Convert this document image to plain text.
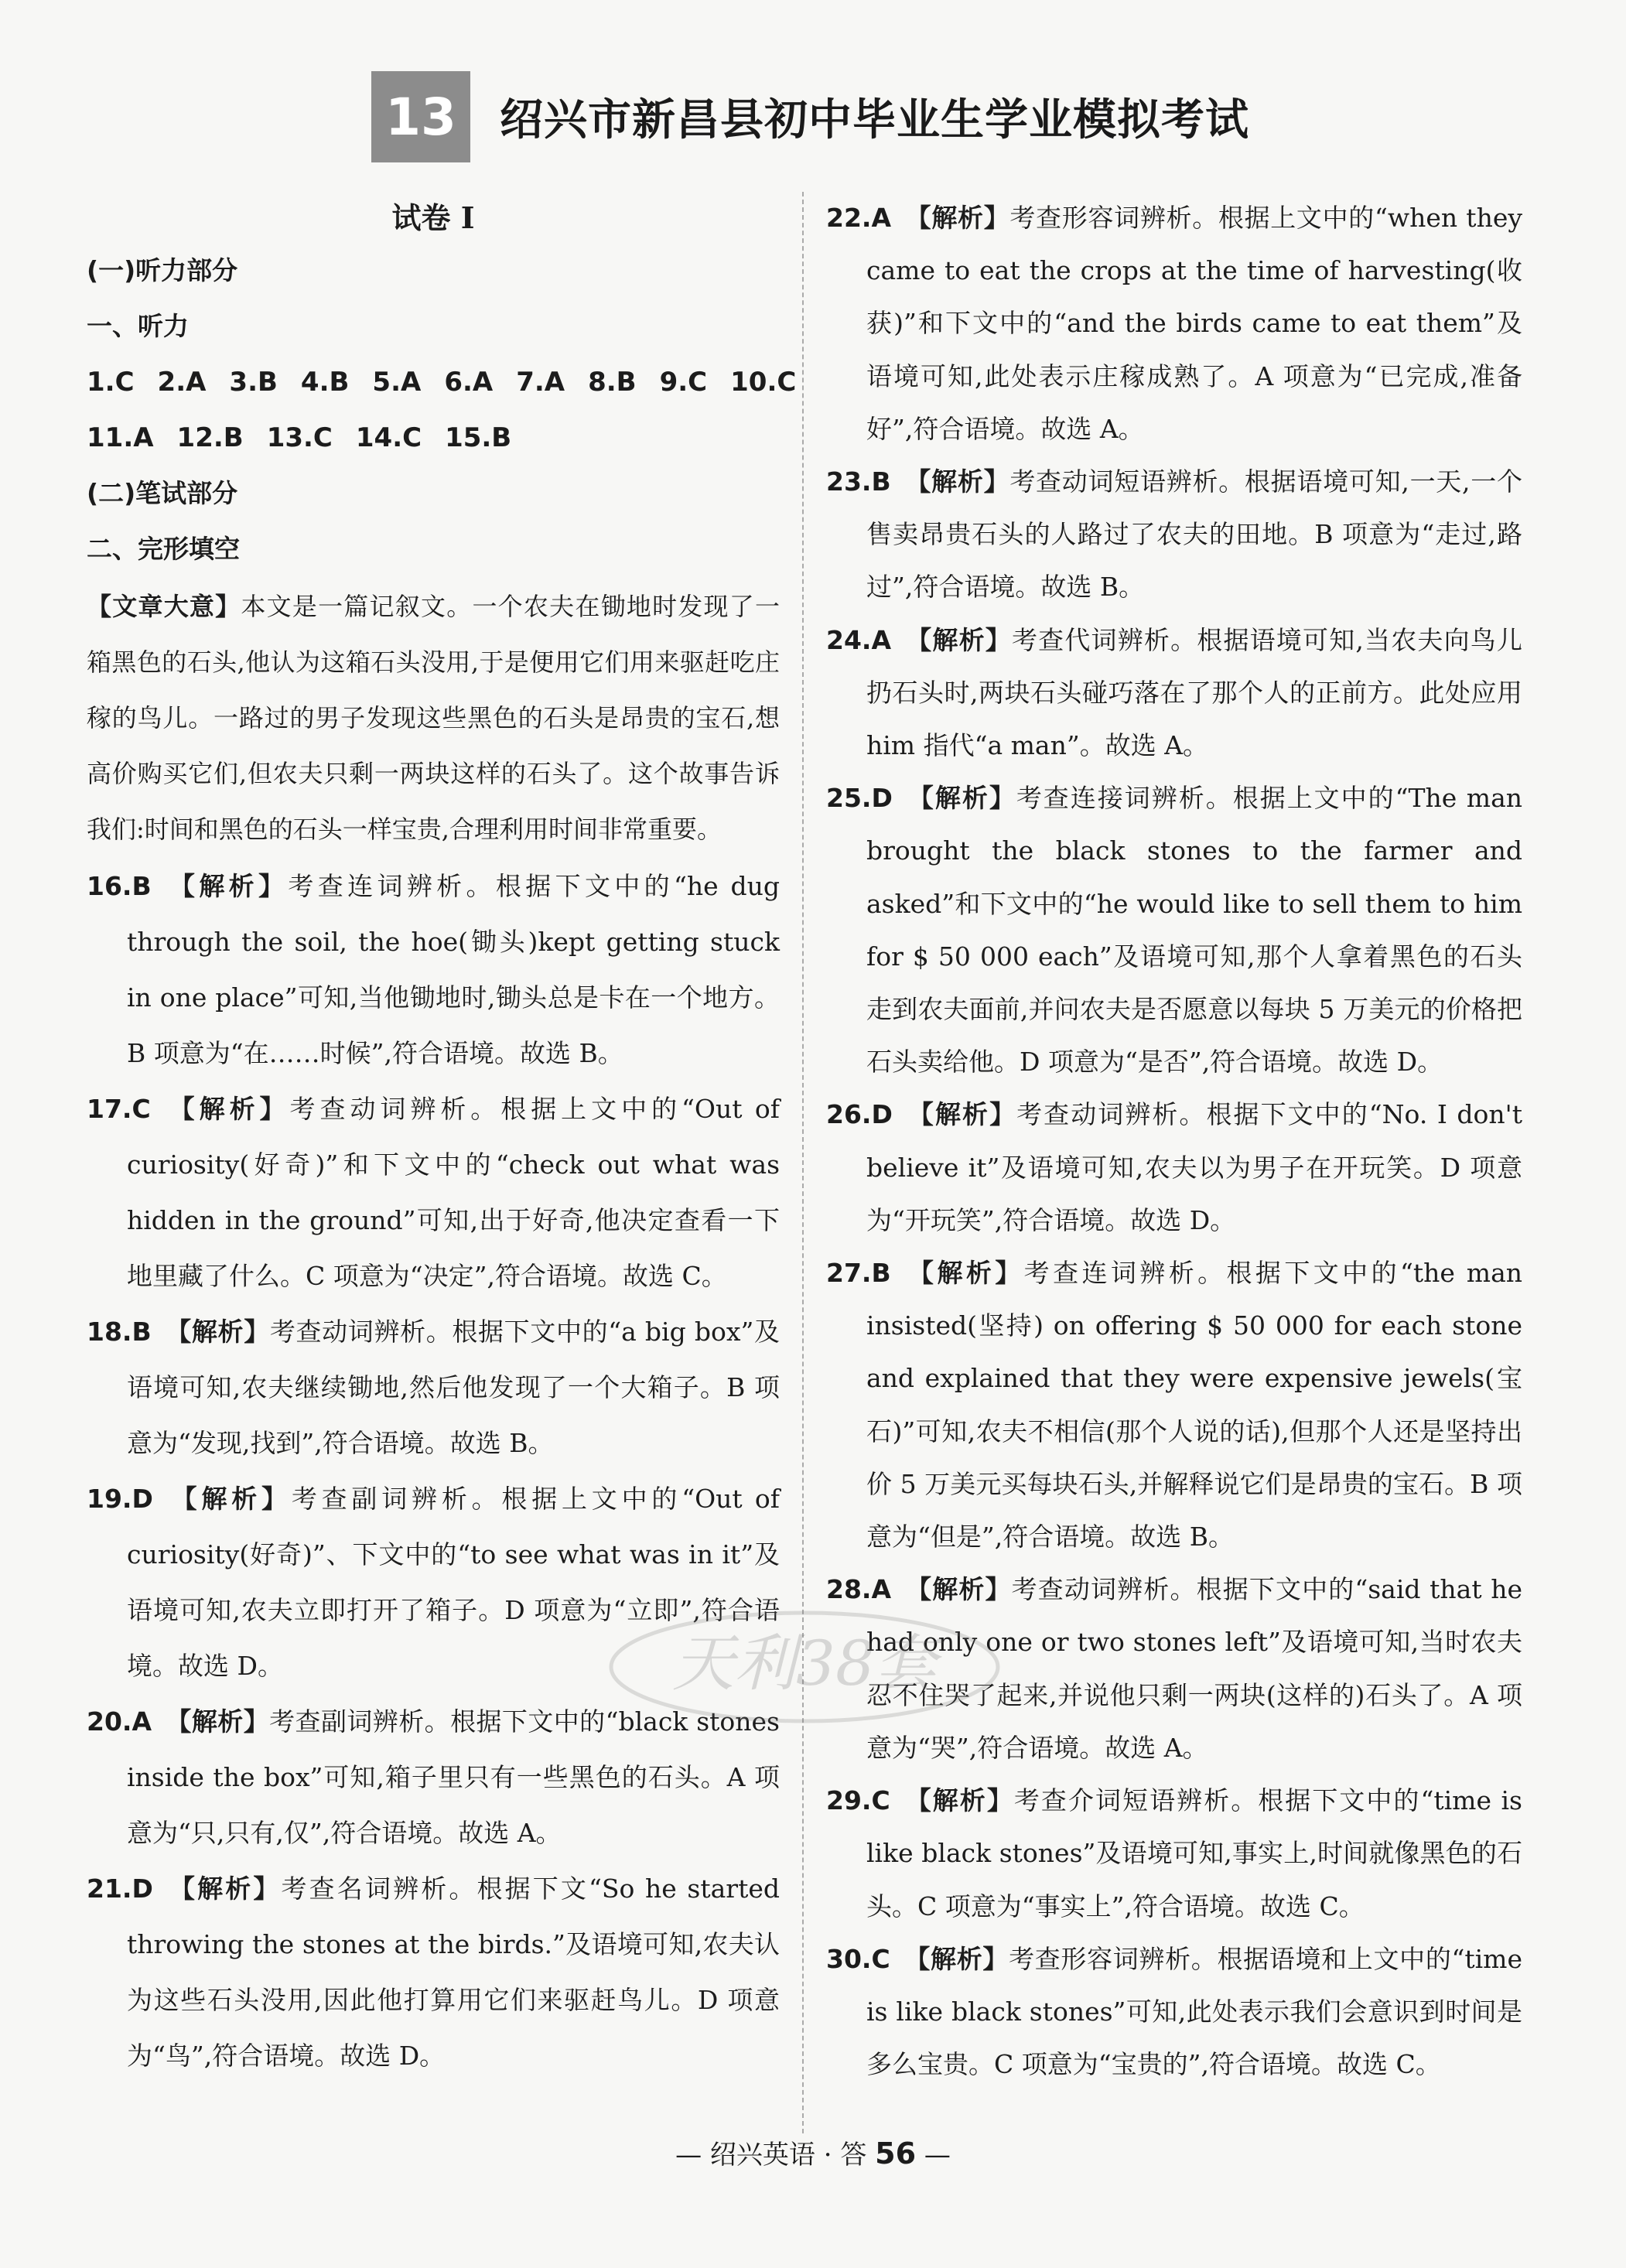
13	绍兴市新昌县初中毕业生学业模拟考试
试卷 I
(一)听力部分
一、听力
1.C 2.A 3.B 4.B 5.A 6.A 7.A 8.B 9.C 10.C
11.A 12.B 13.C 14.C 15.B
(二)笔试部分
二、完形填空
【文章大意】本文是一篇记叙文。一个农夫在锄地时发现了一箱黑色的石头,他认为这箱石头没用,于是便用它们用来驱赶吃庄稼的鸟儿。一路过的男子发现这些黑色的石头是昂贵的宝石,想高价购买它们,但农夫只剩一两块这样的石头了。这个故事告诉我们:时间和黑色的石头一样宝贵,合理利用时间非常重要。
16.B 【解析】考查连词辨析。根据下文中的“he dug through the soil, the hoe(锄头)kept getting stuck in one place”可知,当他锄地时,锄头总是卡在一个地方。B 项意为“在……时候”,符合语境。故选 B。
17.C 【解析】考查动词辨析。根据上文中的“Out of curiosity(好奇)”和下文中的“check out what was hidden in the ground”可知,出于好奇,他决定查看一下地里藏了什么。C 项意为“决定”,符合语境。故选 C。
18.B 【解析】考查动词辨析。根据下文中的“a big box”及语境可知,农夫继续锄地,然后他发现了一个大箱子。B 项意为“发现,找到”,符合语境。故选 B。
19.D 【解析】考查副词辨析。根据上文中的“Out of curiosity(好奇)”、下文中的“to see what was in it”及语境可知,农夫立即打开了箱子。D 项意为“立即”,符合语境。故选 D。
20.A 【解析】考查副词辨析。根据下文中的“black stones inside the box”可知,箱子里只有一些黑色的石头。A 项意为“只,只有,仅”,符合语境。故选 A。
21.D 【解析】考查名词辨析。根据下文“So he started throwing the stones at the birds.”及语境可知,农夫认为这些石头没用,因此他打算用它们来驱赶鸟儿。D 项意为“鸟”,符合语境。故选 D。
22.A 【解析】考查形容词辨析。根据上文中的“when they came to eat the crops at the time of harvesting(收获)”和下文中的“and the birds came to eat them”及语境可知,此处表示庄稼成熟了。A 项意为“已完成,准备好”,符合语境。故选 A。
23.B 【解析】考查动词短语辨析。根据语境可知,一天,一个售卖昂贵石头的人路过了农夫的田地。B 项意为“走过,路过”,符合语境。故选 B。
24.A 【解析】考查代词辨析。根据语境可知,当农夫向鸟儿扔石头时,两块石头碰巧落在了那个人的正前方。此处应用 him 指代“a man”。故选 A。
25.D 【解析】考查连接词辨析。根据上文中的“The man brought the black stones to the farmer and asked”和下文中的“he would like to sell them to him for $ 50 000 each”及语境可知,那个人拿着黑色的石头走到农夫面前,并问农夫是否愿意以每块 5 万美元的价格把石头卖给他。D 项意为“是否”,符合语境。故选 D。
26.D 【解析】考查动词辨析。根据下文中的“No. I don't believe it”及语境可知,农夫以为男子在开玩笑。D 项意为“开玩笑”,符合语境。故选 D。
27.B 【解析】考查连词辨析。根据下文中的“the man insisted(坚持) on offering $ 50 000 for each stone and explained that they were expensive jewels(宝石)”可知,农夫不相信(那个人说的话),但那个人还是坚持出价 5 万美元买每块石头,并解释说它们是昂贵的宝石。B 项意为“但是”,符合语境。故选 B。
28.A 【解析】考查动词辨析。根据下文中的“said that he had only one or two stones left”及语境可知,当时农夫忍不住哭了起来,并说他只剩一两块(这样的)石头了。A 项意为“哭”,符合语境。故选 A。
29.C 【解析】考查介词短语辨析。根据下文中的“time is like black stones”及语境可知,事实上,时间就像黑色的石头。C 项意为“事实上”,符合语境。故选 C。
30.C 【解析】考查形容词辨析。根据语境和上文中的“time is like black stones”可知,此处表示我们会意识到时间是多么宝贵。C 项意为“宝贵的”,符合语境。故选 C。
天利38套
— 绍兴英语 · 答 56 —
